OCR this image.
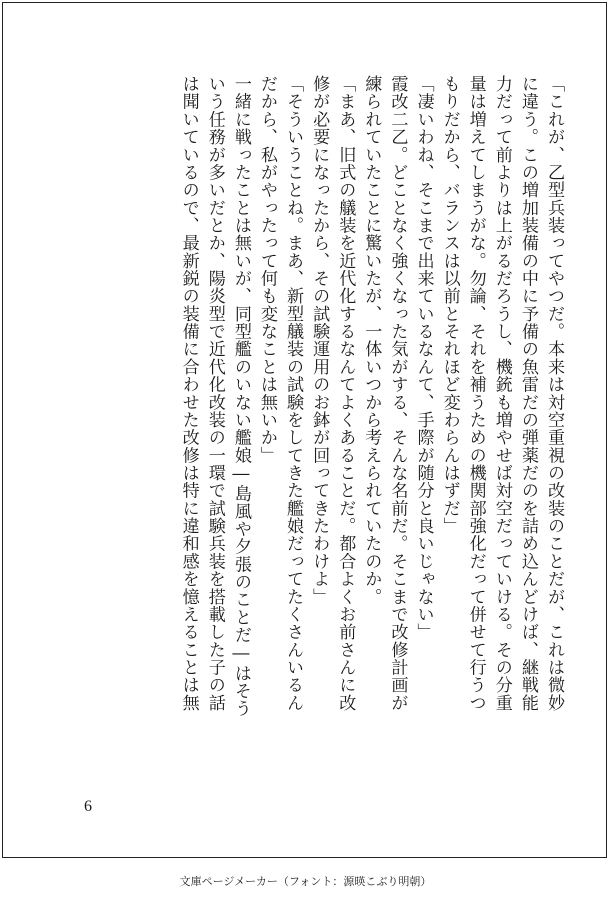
「これが、乙型兵装ってやつだ。本来は対空重視の改装のことだが、これは微妙
に違う。この増加装備の中に予備の魚雷だの弾薬だのを詰め込んどけば、継戦能
力だって前よりは上がるだろうし、機銃も増やせば対空だっていける。その分重
量は増えてしまうがな。勿論、それを補うための機関部強化だって併せて行うつ
もりだから、バランスは以前とそれほど変わらんはずだ」
「凄いわね、そこまで出来ているなんて、手際が随分と良いじゃない」
霞改二乙。どことなく強くなった気がする、そんな名前だ。そこまで改修計画が
練られていたことに驚いたが、一体いつから考えられていたのか。
「まあ、旧式の艤装を近代化するなんてよくあることだ。都合よくお前さんに改
修が必要になったから、その試験運用のお鉢が回ってきたわけよ」
「そういうことね。まあ、新型艤装の試験をしてきた艦娘だってたくさんいるん
だから、私がやったって何も変なことは無いか」
一緒に戦ったことは無いが、同型艦のいない艦娘―島風や夕張のことだ―はそう
いう任務が多いだとか、陽炎型で近代化改装の一環で試験兵装を搭載した子の話
は聞いているので、最新鋭の装備に合わせた改修は特に違和感を憶えることは無
6
文庫ページメーカー（フォント：源暎こぶり明朝）
